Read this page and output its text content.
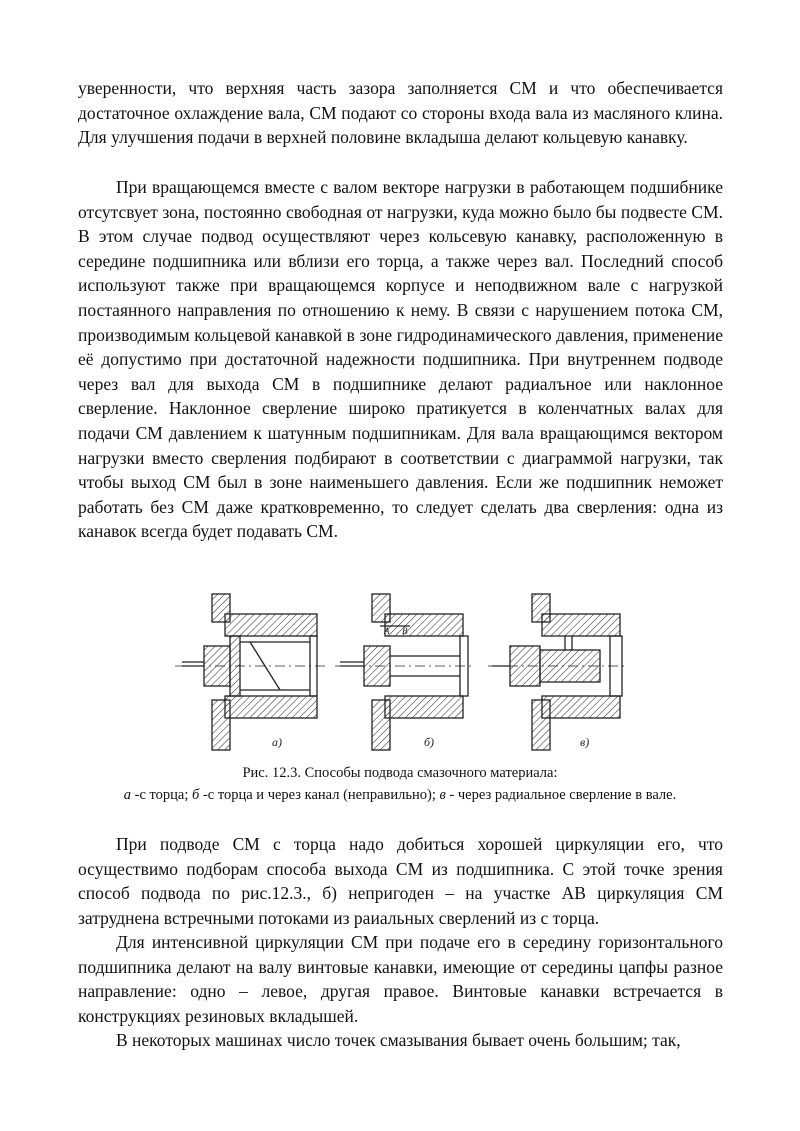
уверенности, что верхняя часть зазора заполняется СМ и что обеспечивается достаточное охлаждение вала, СМ подают со стороны входа вала из масляного клина. Для улучшения подачи в верхней половине вкладыша делают кольцевую канавку.

При вращающемся вместе с валом векторе нагрузки в работающем подшибнике отсутсвует зона, постоянно свободная от нагрузки, куда можно было бы подвесте СМ. В этом случае подвод осуществляют через кольсевую канавку, расположенную в середине подшипника или вблизи его торца, а также через вал. Последний способ используют также при вращающемся корпусе и неподвижном вале с нагрузкой постаянного направления по отношению к нему. В связи с нарушением потока СМ, производимым кольцевой канавкой в зоне гидродинамического давления, применение её допустимо при достаточной надежности подшипника. При внутреннем подводе через вал для выхода СМ в подшипнике делают радиалъное или наклонное сверление. Наклонное сверление широко пратикуется в коленчатных валах для подачи СМ давлением к шатунным подшипникам. Для вала вращающимся вектором нагрузки вместо сверления подбирают в соответствии с диаграммой нагрузки, так чтобы выход СМ был в зоне наименьшего давления. Если же подшипник неможет работать без СМ даже кратковременно, то следует сделать два сверления: одна из канавок всегда будет подавать СМ.

а)
А В
б)	в)

Рис. 12.3. Способы подвода смазочного материала:

а -с торца; б -с торца и через канал (неправильно); в - через радиальное сверление в вале.

При подводе СМ с торца надо добиться хорошей циркуляции его, что осуществимо подборам способа выхода СМ из подшипника. С этой точке зрения способ подвода по рис.12.3., б) непригоден – на участке АВ циркуляция СМ затруднена встречными потоками из раиальных сверлений из с торца.

Для интенсивной циркуляции СМ при подаче его в середину горизонтального подшипника делают на валу винтовые канавки, имеющие от середины цапфы разное направление: одно – левое, другая правое. Винтовые канавки встречается в конструкциях резиновых вкладышей.

В некоторых машинах число точек смазывания бывает очень большим; так,
